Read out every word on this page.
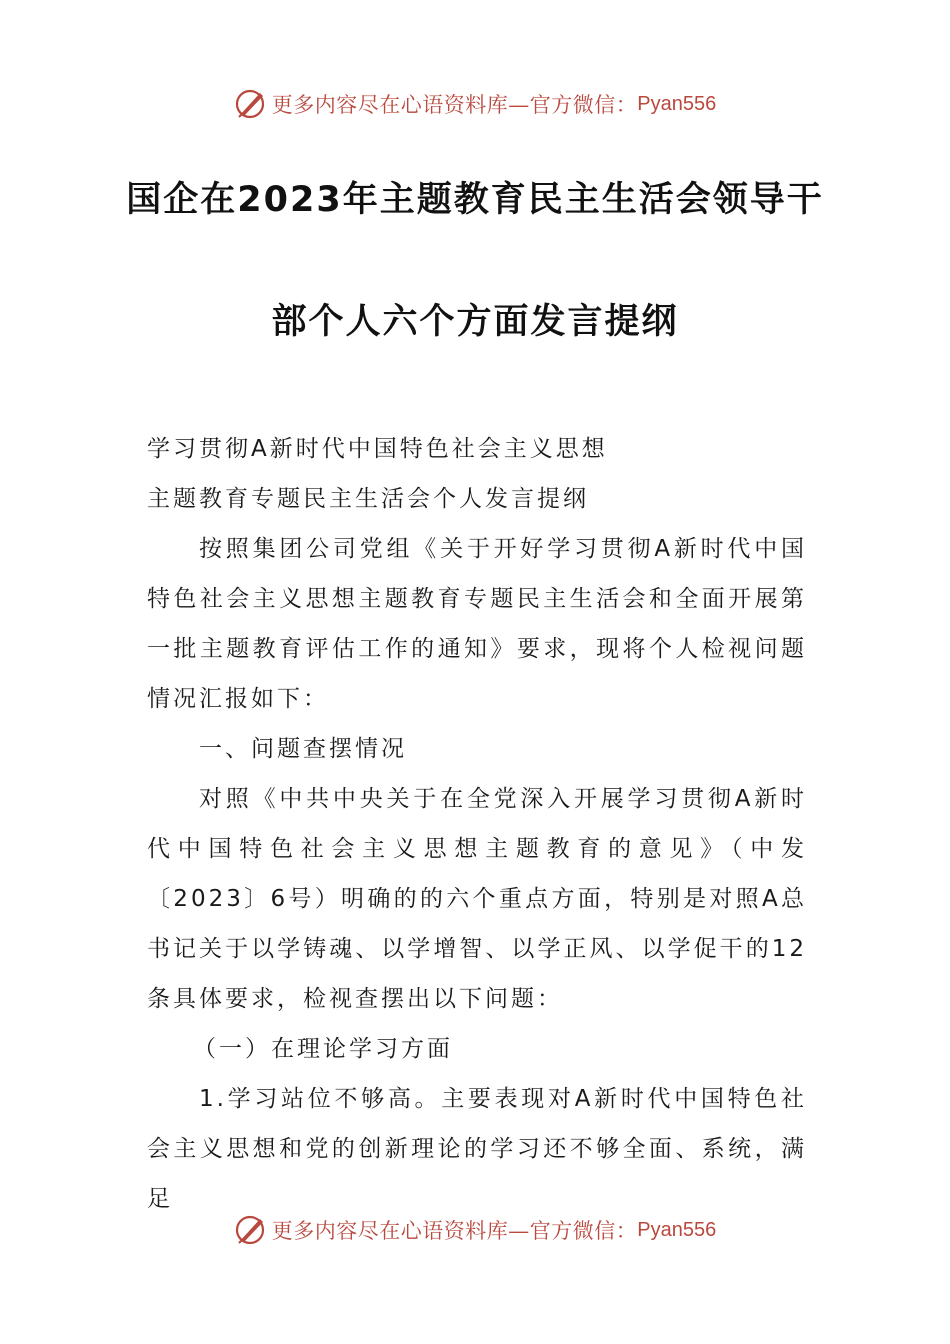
更多内容尽在心语资料库—官方微信： Pyan556
国企在2023年主题教育民主生活会领导干
部个人六个方面发言提纲

学习贯彻A新时代中国特色社会主义思想

主题教育专题民主生活会个人发言提纲

按照集团公司党组《关于开好学习贯彻A新时代中国特色社会主义思想主题教育专题民主生活会和全面开展第一批主题教育评估工作的通知》要求，现将个人检视问题情况汇报如下：

一、问题查摆情况

对照《中共中央关于在全党深入开展学习贯彻A新时代中国特色社会主义思想主题教育的意见》（中发〔2023〕6号）明确的的六个重点方面，特别是对照A总书记关于以学铸魂、以学增智、以学正风、以学促干的12条具体要求，检视查摆出以下问题：

（一）在理论学习方面

1.学习站位不够高。主要表现对A新时代中国特色社会主义思想和党的创新理论的学习还不够全面、系统，满足

更多内容尽在心语资料库—官方微信： Pyan556
